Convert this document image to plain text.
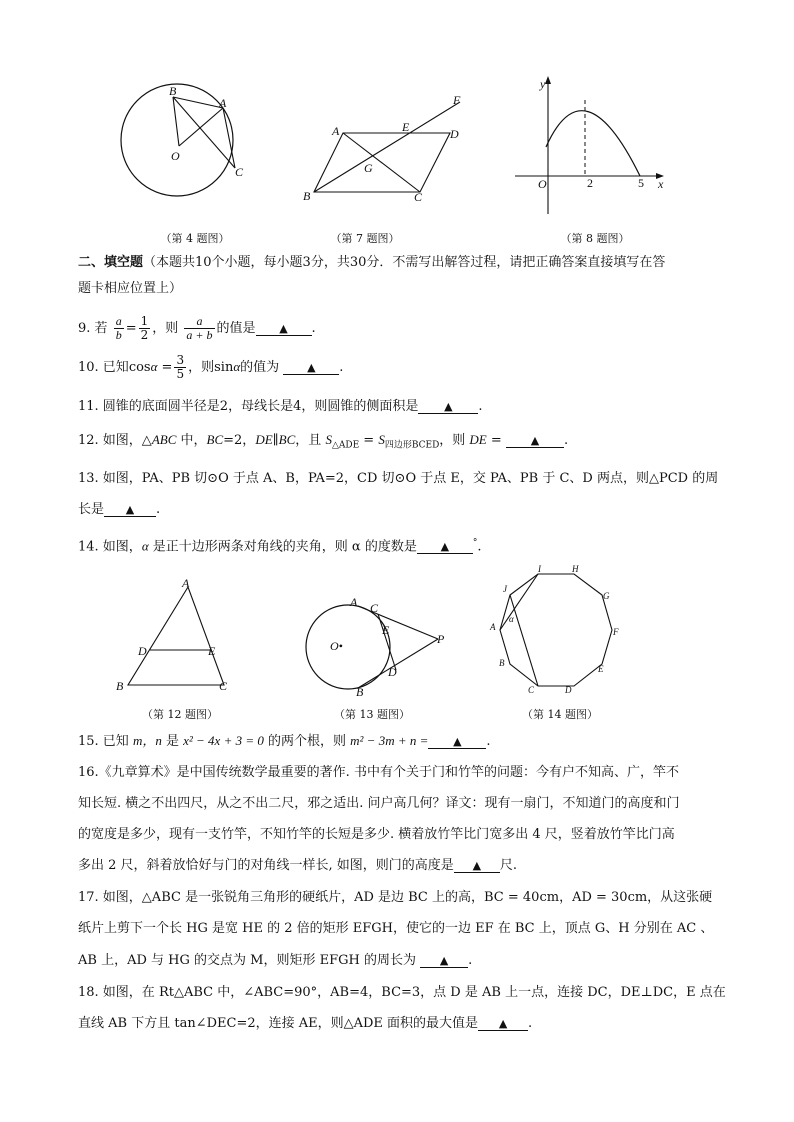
B
A
O
C
（第 4 题图）
A	E
F
D
G
B	C
（第 7 题图）
y
x
O	2	5
（第 8 题图）
二、填空题（本题共10个小题，每小题3分，共30分．不需写出解答过程，请把正确答案直接填写在答
题卡相应位置上）
9. 若 $\frac{a}{b} = \frac{1}{2}$ ，则 $\frac{a}{a + b}$ 的值是 ▲ .
10. 已知$\cos\alpha = \frac{3}{5}$ ，则sinα的值为	▲ .
11. 圆锥的底面圆半径是2，母线长是4，则圆锥的侧面积是 ▲ .
12. 如图，△ABC 中，BC=2，DE∥BC，且 $S_{\triangle ADE} = S_{四边形BCED}$，则 DE = ▲ .
13. 如图，PA、PB 切⊙O 于点 A、B，PA=2，CD 切⊙O 于点 E，交 PA、PB 于 C、D 两点，则△PCD 的周
长是 ▲ .
14. 如图，α 是正十边形两条对角线的夹角，则 α 的度数是 ▲	°.
A
D	E
B	C
（第 12 题图）
A C
E
O•	P
D
B
（第 13 题图）
I	H
J
G
A
α
F
B
E
C	D
（第 14 题图）
15. 已知 m，n 是 x² − 4x + 3 = 0 的两个根，则 m² − 3m + n = ▲ .
16.《九章算术》是中国传统数学最重要的著作. 书中有个关于门和竹竿的问题：今有户不知高、广，竿不
知长短. 横之不出四尺，从之不出二尺，邪之适出. 问户高几何？译文：现有一扇门，不知道门的高度和门
的宽度是多少，现有一支竹竿，不知竹竿的长短是多少. 横着放竹竿比门宽多出 4 尺，竖着放竹竿比门高
多出 2 尺，斜着放恰好与门的对角线一样长, 如图，则门的高度是 ▲ 尺.
17. 如图，△ABC 是一张锐角三角形的硬纸片，AD 是边 BC 上的高，BC = 40cm，AD = 30cm，从这张硬
纸片上剪下一个长 HG 是宽 HE 的 2 倍的矩形 EFGH，使它的一边 EF 在 BC 上，顶点 G、H 分别在 AC 、
AB 上，AD 与 HG 的交点为 M，则矩形 EFGH 的周长为 ▲ .
18. 如图，在 Rt△ABC 中，∠ABC=90°，AB=4，BC=3，点 D 是 AB 上一点，连接 DC，DE⊥DC，E 点在
直线 AB 下方且 tan∠DEC=2，连接 AE，则△ADE 面积的最大值是 ▲ .
